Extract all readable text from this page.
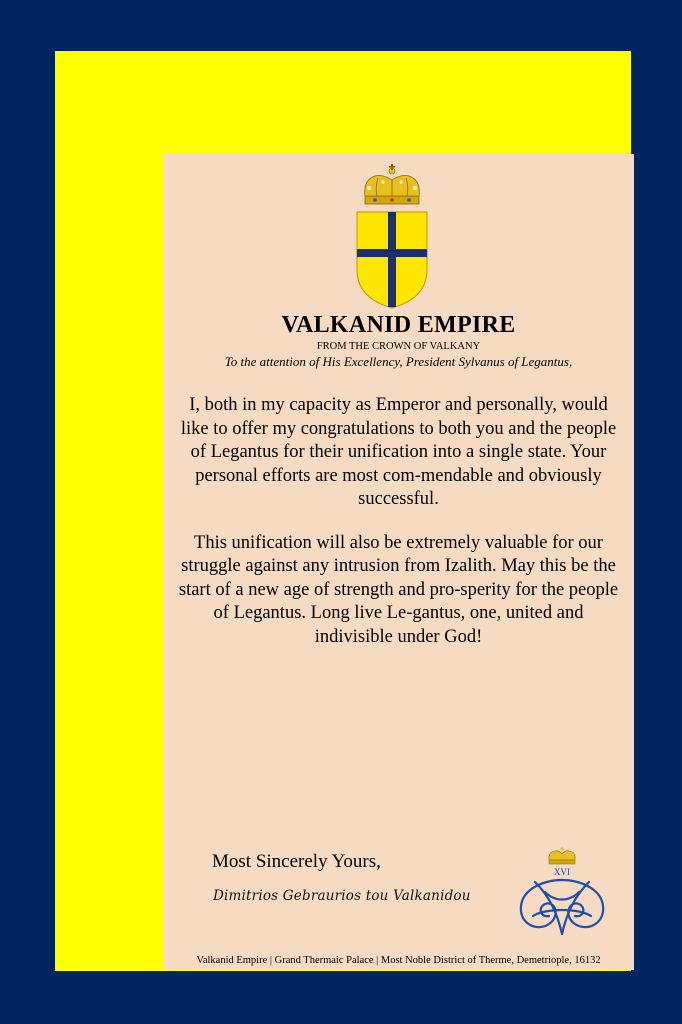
VALKANID EMPIRE
FROM THE CROWN OF VALKANY
To the attention of His Excellency, President Sylvanus of Legantus,

I, both in my capacity as Emperor and personally, would like to offer my congratulations to both you and the people of Legantus for their unification into a single state. Your personal efforts are most com-mendable and obviously successful.

This unification will also be extremely valuable for our struggle against any intrusion from Izalith. May this be the start of a new age of strength and pro-sperity for the people of Legantus. Long live Le-gantus, one, united and indivisible under God!

Most Sincerely Yours,
Dimitrios Gebraurios tou Valkanidou
XVI
Valkanid Empire | Grand Thermaic Palace | Most Noble District of Therme, Demetriople, 16132
